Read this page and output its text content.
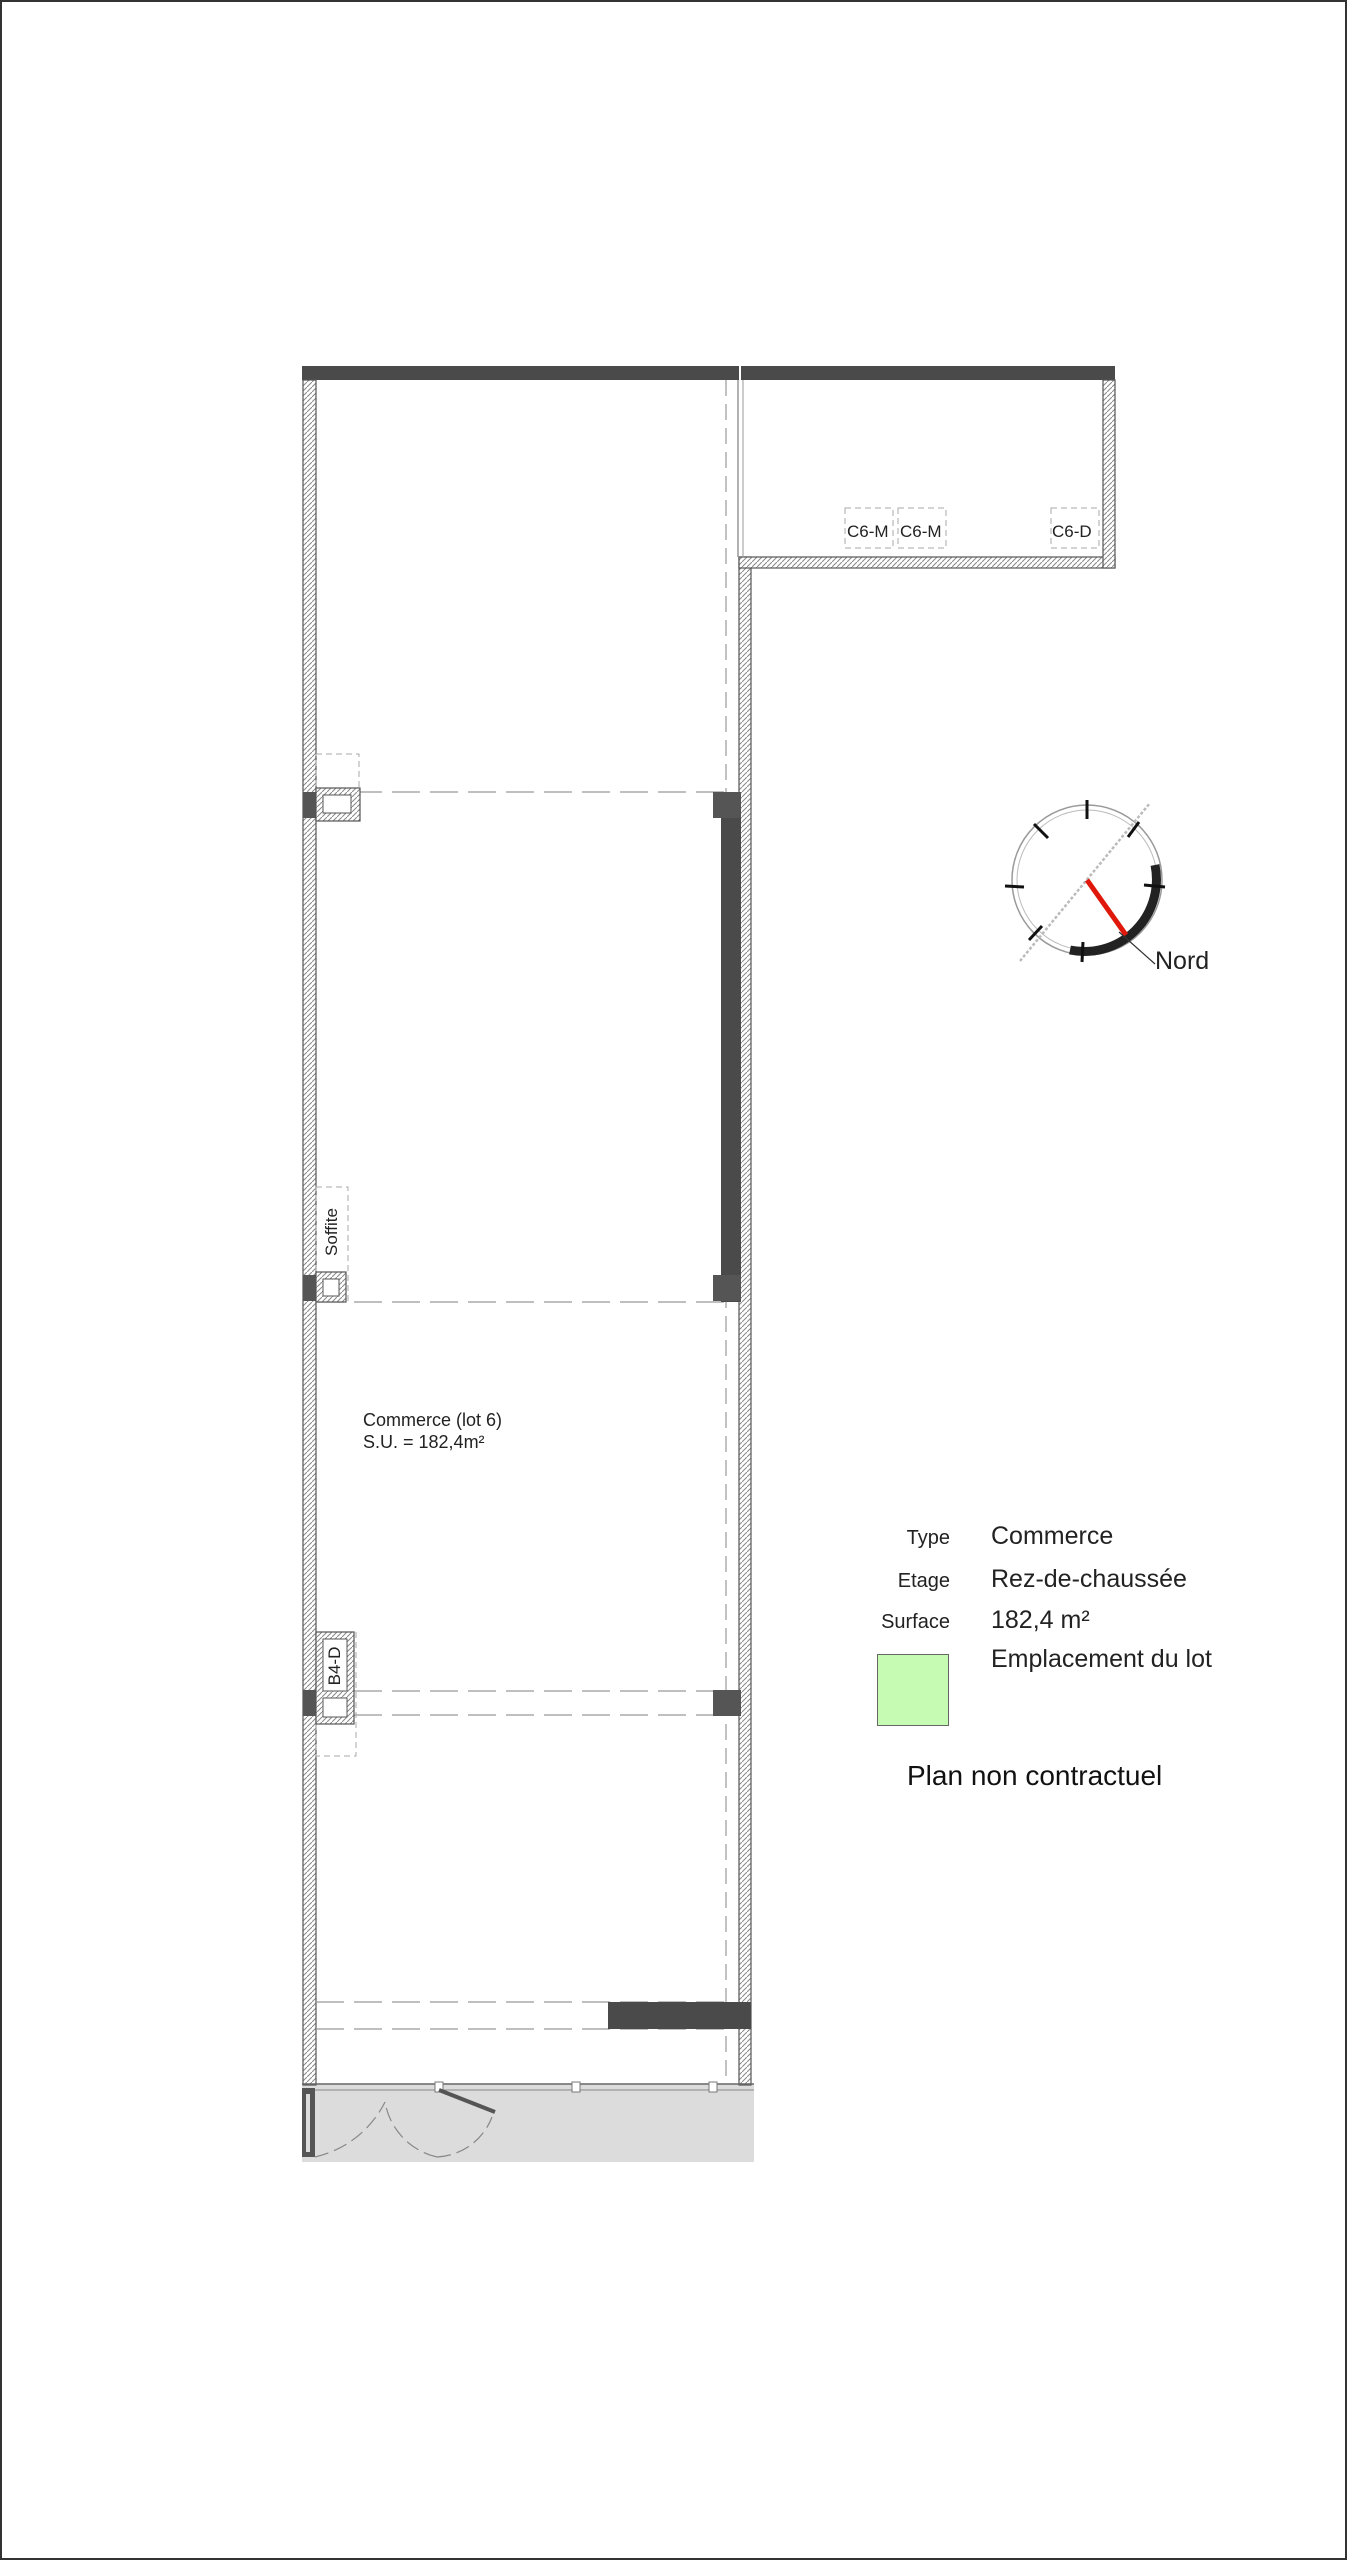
Commerce (lot 6)
S.U. = 182,4m²
C6-M C6-M	C6-D
Soffite
B4-D
Nord
Type Commerce
Etage Rez-de-chaussée
Surface 182,4 m²
Emplacement du lot
Plan non contractuel
